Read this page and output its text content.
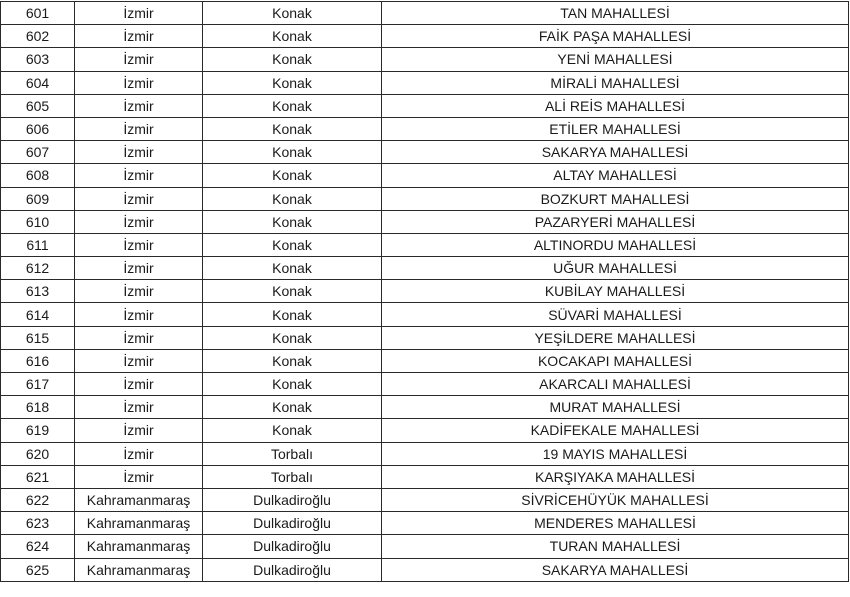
601	İzmir	Konak	TAN MAHALLESİ
602	İzmir	Konak	FAİK PAŞA MAHALLESİ
603	İzmir	Konak	YENİ MAHALLESİ
604	İzmir	Konak	MİRALİ MAHALLESİ
605	İzmir	Konak	ALİ REİS MAHALLESİ
606	İzmir	Konak	ETİLER MAHALLESİ
607	İzmir	Konak	SAKARYA MAHALLESİ
608	İzmir	Konak	ALTAY MAHALLESİ
609	İzmir	Konak	BOZKURT MAHALLESİ
610	İzmir	Konak	PAZARYERİ MAHALLESİ
611	İzmir	Konak	ALTINORDU MAHALLESİ
612	İzmir	Konak	UĞUR MAHALLESİ
613	İzmir	Konak	KUBİLAY MAHALLESİ
614	İzmir	Konak	SÜVARİ MAHALLESİ
615	İzmir	Konak	YEŞİLDERE MAHALLESİ
616	İzmir	Konak	KOCAKAPI MAHALLESİ
617	İzmir	Konak	AKARCALI MAHALLESİ
618	İzmir	Konak	MURAT MAHALLESİ
619	İzmir	Konak	KADİFEKALE MAHALLESİ
620	İzmir	Torbalı	19 MAYIS MAHALLESİ
621	İzmir	Torbalı	KARŞIYAKA MAHALLESİ
622	Kahramanmaraş	Dulkadiroğlu	SİVRİCEHÜYÜK MAHALLESİ
623	Kahramanmaraş	Dulkadiroğlu	MENDERES MAHALLESİ
624	Kahramanmaraş	Dulkadiroğlu	TURAN MAHALLESİ
625	Kahramanmaraş	Dulkadiroğlu	SAKARYA MAHALLESİ
